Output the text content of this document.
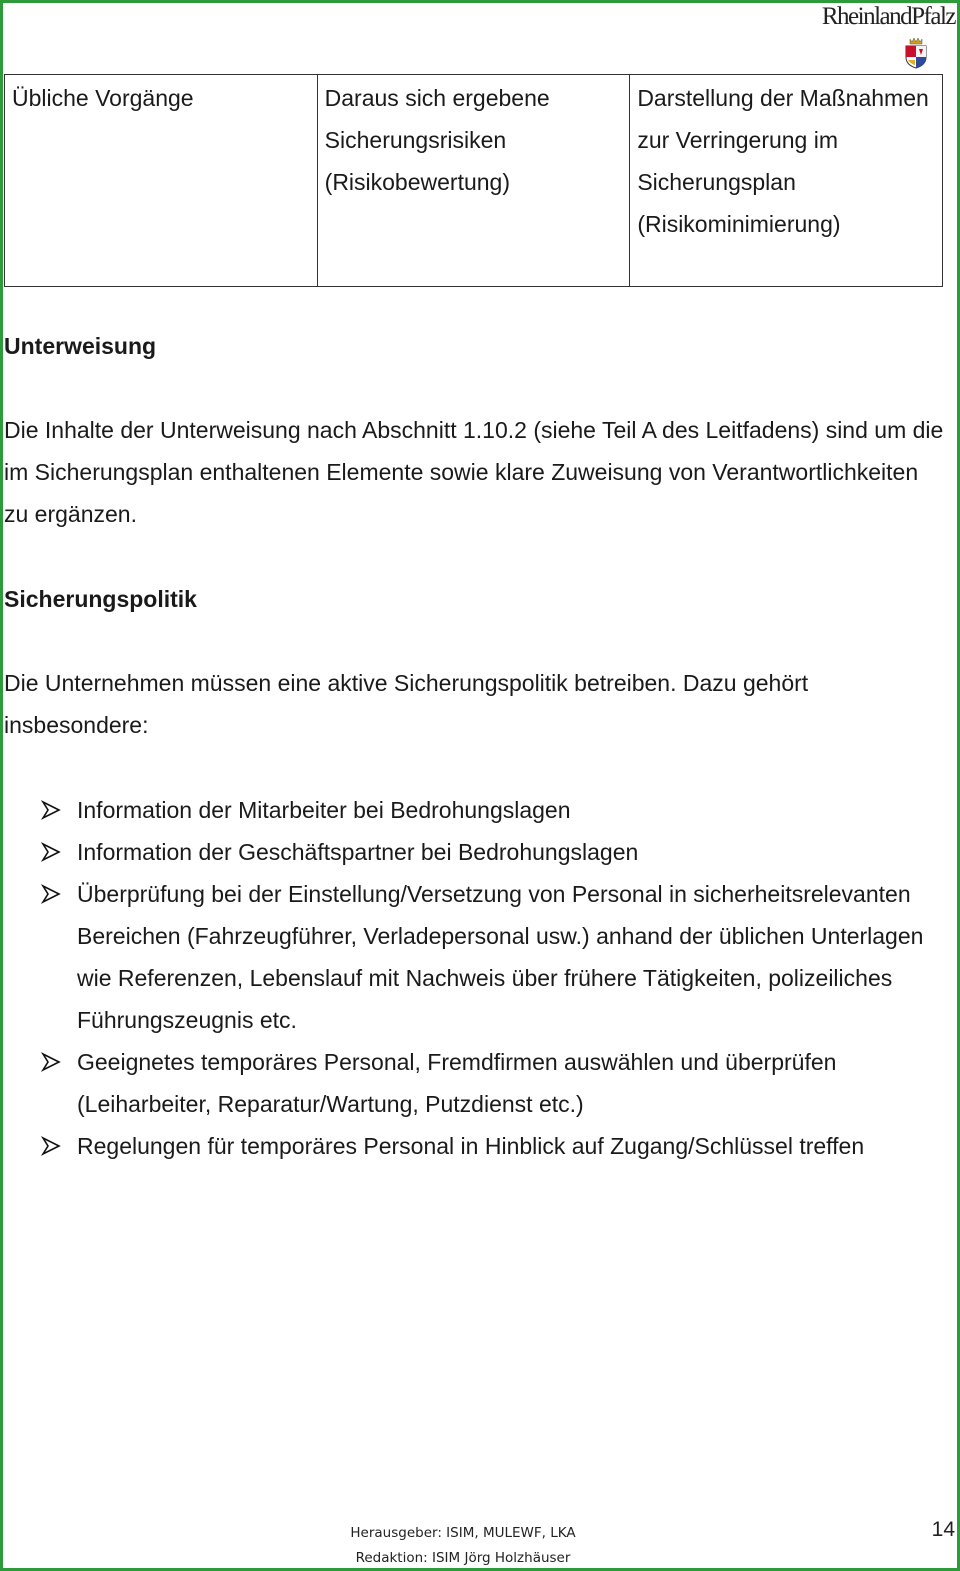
RheinlandPfalz
Übliche Vorgänge	Daraus sich ergebene Sicherungsrisiken (Risikobewertung)	Darstellung der Maßnahmen zur Verringerung im Sicherungsplan (Risikominimierung)
Unterweisung

Die Inhalte der Unterweisung nach Abschnitt 1.10.2 (siehe Teil A des Leitfadens) sind um die im Sicherungsplan enthaltenen Elemente sowie klare Zuweisung von Verantwortlichkeiten zu ergänzen.

Sicherungspolitik

Die Unternehmen müssen eine aktive Sicherungspolitik betreiben. Dazu gehört insbesondere:

Information der Mitarbeiter bei Bedrohungslagen
Information der Geschäftspartner bei Bedrohungslagen
Überprüfung bei der Einstellung/Versetzung von Personal in sicherheitsrelevanten Bereichen (Fahrzeugführer, Verladepersonal usw.) anhand der üblichen Unterlagen wie Referenzen, Lebenslauf mit Nachweis über frühere Tätigkeiten, polizeiliches Führungszeugnis etc.
Geeignetes temporäres Personal, Fremdfirmen auswählen und überprüfen (Leiharbeiter, Reparatur/Wartung, Putzdienst etc.)
Regelungen für temporäres Personal in Hinblick auf Zugang/Schlüssel treffen
Herausgeber: ISIM, MULEWF, LKA
Redaktion: ISIM Jörg Holzhäuser
14
